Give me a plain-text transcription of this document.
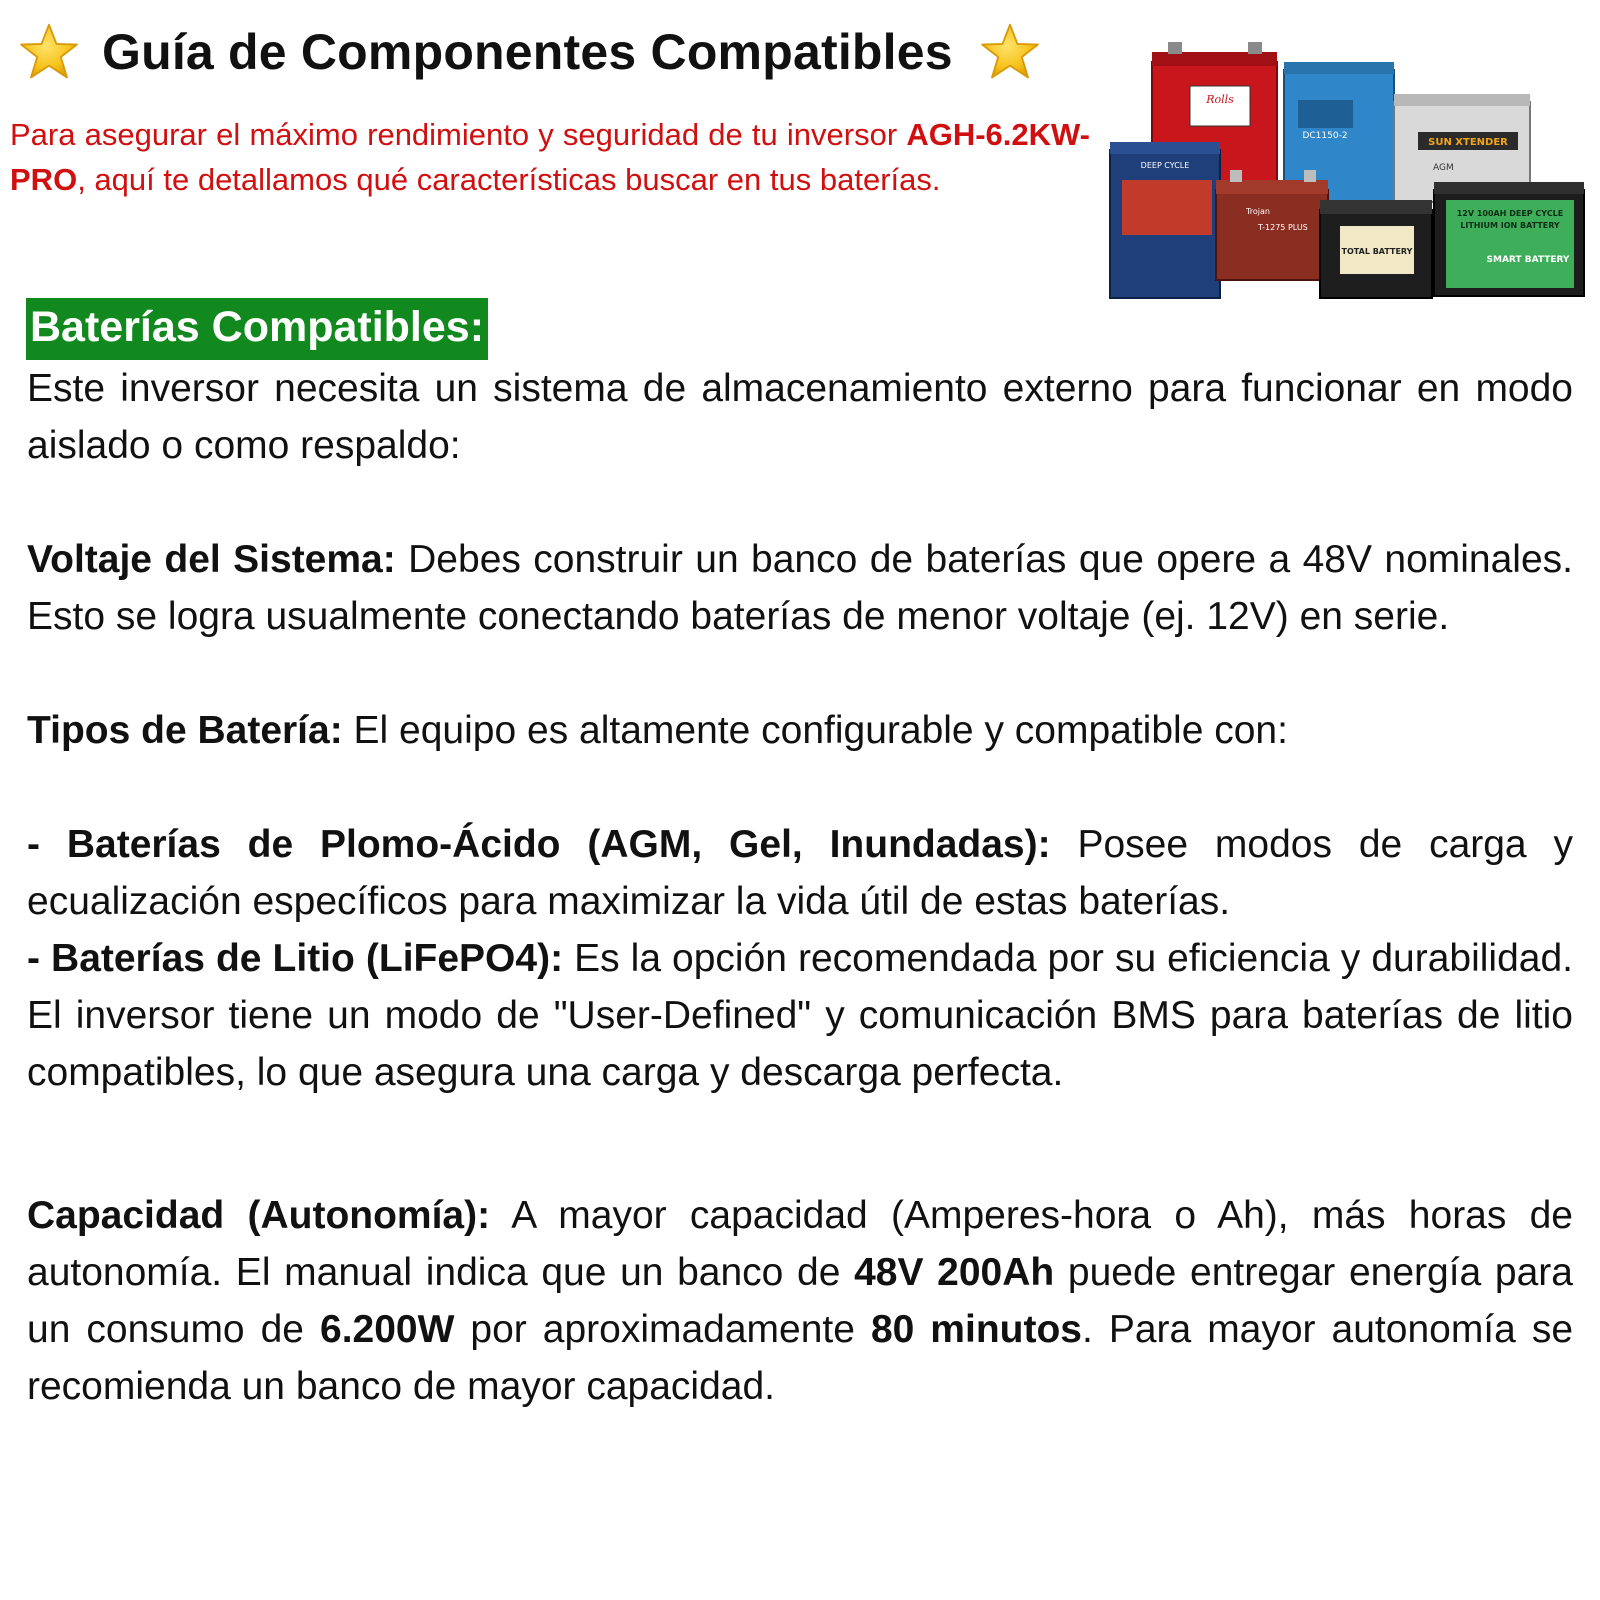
Guía de Componentes Compatibles
Para asegurar el máximo rendimiento y seguridad de tu inversor AGH-6.2KW-PRO, aquí te detallamos qué características buscar en tus baterías.
Rolls
DC1150-2
SUN XTENDER
AGM
DEEP CYCLE
Trojan
T-1275 PLUS
TOTAL BATTERY
12V 100AH DEEP CYCLE
LITHIUM ION BATTERY
SMART BATTERY
Baterías Compatibles:

Este inversor necesita un sistema de almacenamiento externo para funcionar en modo aislado o como respaldo:

Voltaje del Sistema: Debes construir un banco de baterías que opere a 48V nominales. Esto se logra usualmente conectando baterías de menor voltaje (ej. 12V) en serie.

Tipos de Batería: El equipo es altamente configurable y compatible con:

- Baterías de Plomo-Ácido (AGM, Gel, Inundadas): Posee modos de carga y ecualización específicos para maximizar la vida útil de estas baterías.

- Baterías de Litio (LiFePO4): Es la opción recomendada por su eficiencia y durabilidad. El inversor tiene un modo de "User-Defined" y comunicación BMS para baterías de litio compatibles, lo que asegura una carga y descarga perfecta.

Capacidad (Autonomía): A mayor capacidad (Amperes-hora o Ah), más horas de autonomía. El manual indica que un banco de 48V 200Ah puede entregar energía para un consumo de 6.200W por aproximadamente 80 minutos. Para mayor autonomía se recomienda un banco de mayor capacidad.
